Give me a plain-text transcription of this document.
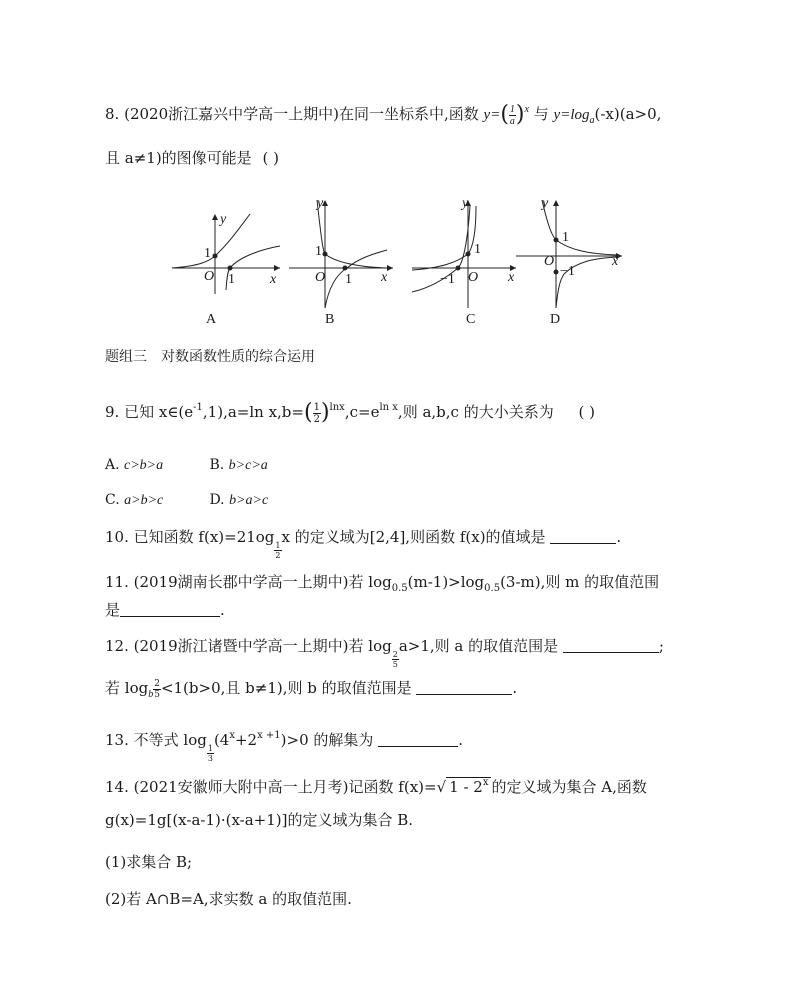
8. (2020浙江嘉兴中学高一上期中)在同一坐标系中,函数 $y=( \frac{1}{a} )^x$ 与 $y=\log_a(-x)(a>0$,
且 a≠1)的图像可能是 ( )
y
1
O 1	x
A
y
1
O 1 x
B
y
1
O
−1	x
C
y
1
O
−1
x
D
题组三　对数函数性质的综合运用
9. 已知 $x\in(e^{-1},1),a=\ln$ $x,b=( \frac{1}{2} )^{lnx},c=e^{ln x}$,则 a,b,c 的大小关系为 ( )
A. c>b>a	B. b>c>a
C. a>b>c	D. b>a>c
10. 已知函数 f(x)=21og
$\frac{1}{2}$
x 的定义域为[2,4],则函数 f(x)的值域是	.
11. (2019湖南长郡中学高一上期中)若 $\log_{0.5}(m-1)>\log_{0.5}(3-m)$,则 m 的取值范围
是	.
12. (2019浙江诸暨中学高一上期中)若 log
$\frac{2}{5}$
a>1,则 a 的取值范围是	;
若 $\log_b \frac{2}{5} <1(b>0$,且 b≠1),则 b 的取值范围是	.
13. 不等式 log
$\frac{1}{3}$
$(4^x+2^{x +1})>0$ 的解集为	.
14. (2021安徽师大附中高一上月考)记函数 f(x)=√ 1 - 2$^x$ 的定义域为集合 A,函数
g(x)=1g[(x-a-1)·(x-a+1)]的定义域为集合 B.
(1)求集合 B;
(2)若 A∩B=A,求实数 a 的取值范围.
